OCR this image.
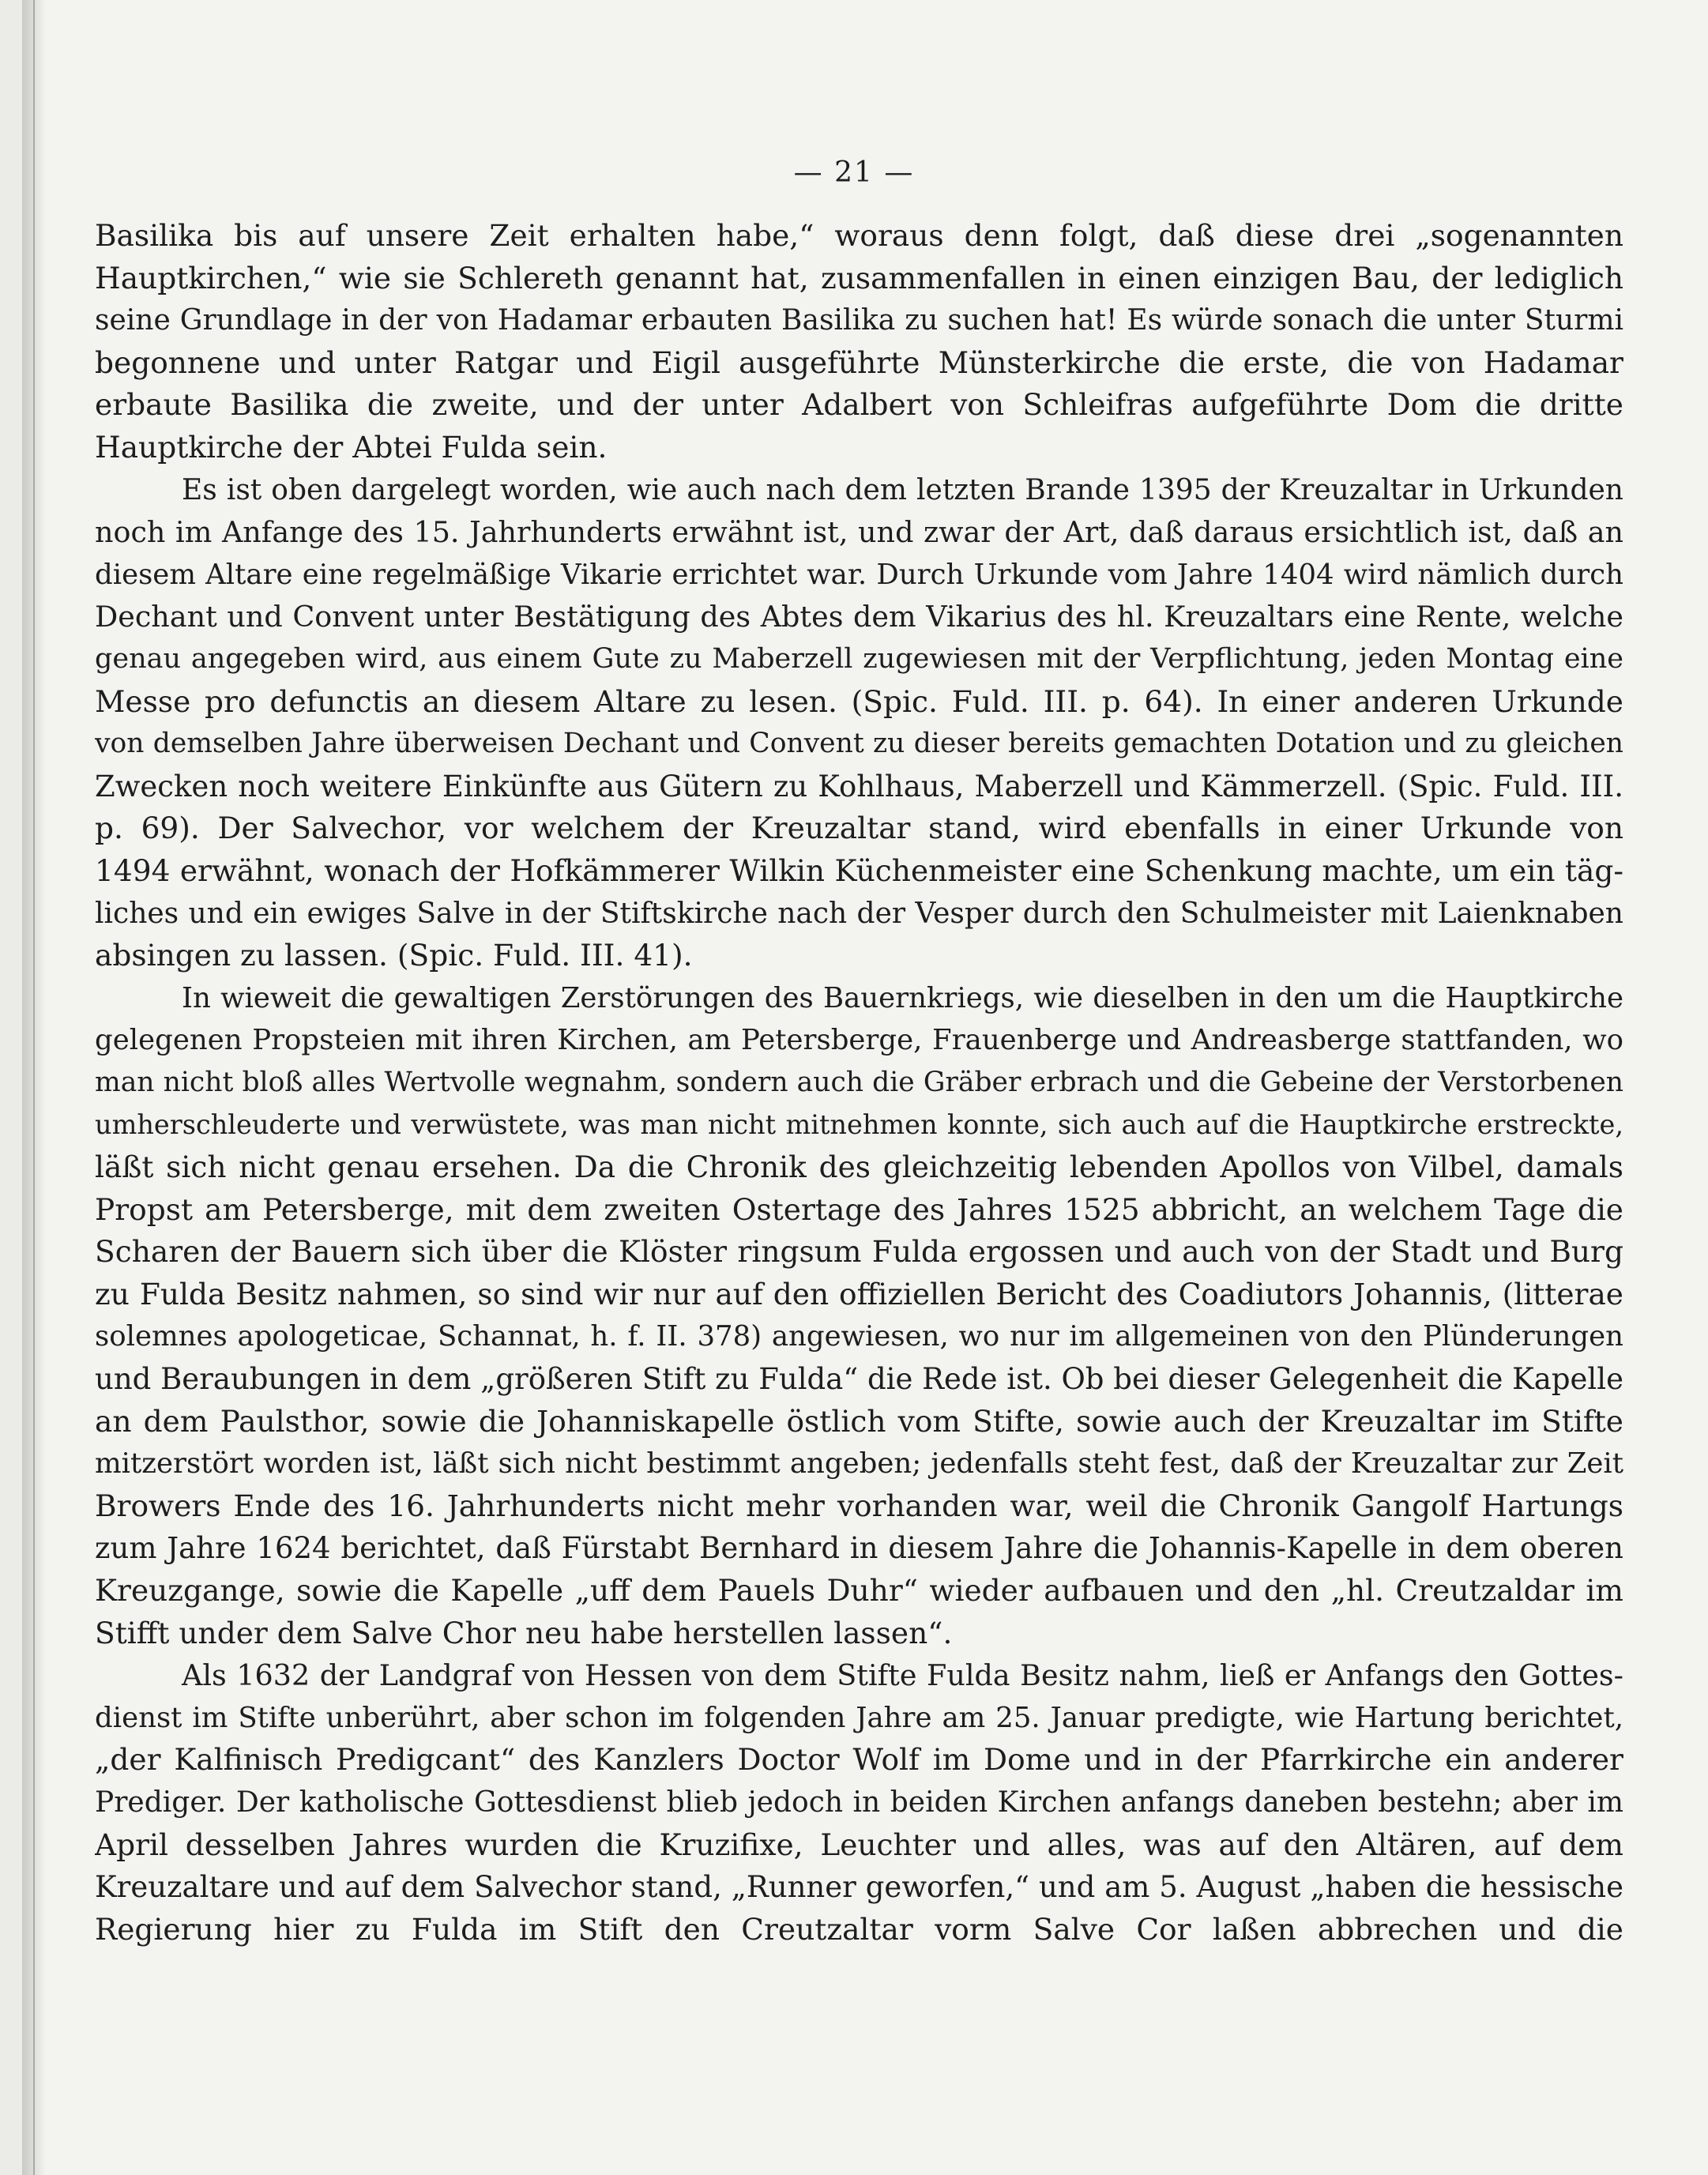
— 21 —
Basilika bis auf unsere Zeit erhalten habe,“ woraus denn folgt, daß diese drei „sogenannten
Hauptkirchen,“ wie sie Schlereth genannt hat, zusammenfallen in einen einzigen Bau, der lediglich
seine Grundlage in der von Hadamar erbauten Basilika zu suchen hat! Es würde sonach die unter Sturmi
begonnene und unter Ratgar und Eigil ausgeführte Münsterkirche die erste, die von Hadamar
erbaute Basilika die zweite, und der unter Adalbert von Schleifras aufgeführte Dom die dritte
Hauptkirche der Abtei Fulda sein.
Es ist oben dargelegt worden, wie auch nach dem letzten Brande 1395 der Kreuzaltar in Urkunden
noch im Anfange des 15. Jahrhunderts erwähnt ist, und zwar der Art, daß daraus ersichtlich ist, daß an
diesem Altare eine regelmäßige Vikarie errichtet war. Durch Urkunde vom Jahre 1404 wird nämlich durch
Dechant und Convent unter Bestätigung des Abtes dem Vikarius des hl. Kreuzaltars eine Rente, welche
genau angegeben wird, aus einem Gute zu Maberzell zugewiesen mit der Verpflichtung, jeden Montag eine
Messe pro defunctis an diesem Altare zu lesen. (Spic. Fuld. III. p. 64). In einer anderen Urkunde
von demselben Jahre überweisen Dechant und Convent zu dieser bereits gemachten Dotation und zu gleichen
Zwecken noch weitere Einkünfte aus Gütern zu Kohlhaus, Maberzell und Kämmerzell. (Spic. Fuld. III.
p. 69). Der Salvechor, vor welchem der Kreuzaltar stand, wird ebenfalls in einer Urkunde von
1494 erwähnt, wonach der Hofkämmerer Wilkin Küchenmeister eine Schenkung machte, um ein täg-
liches und ein ewiges Salve in der Stiftskirche nach der Vesper durch den Schulmeister mit Laienknaben
absingen zu lassen. (Spic. Fuld. III. 41).
In wieweit die gewaltigen Zerstörungen des Bauernkriegs, wie dieselben in den um die Hauptkirche
gelegenen Propsteien mit ihren Kirchen, am Petersberge, Frauenberge und Andreasberge stattfanden, wo
man nicht bloß alles Wertvolle wegnahm, sondern auch die Gräber erbrach und die Gebeine der Verstorbenen
umherschleuderte und verwüstete, was man nicht mitnehmen konnte, sich auch auf die Hauptkirche erstreckte,
läßt sich nicht genau ersehen. Da die Chronik des gleichzeitig lebenden Apollos von Vilbel, damals
Propst am Petersberge, mit dem zweiten Ostertage des Jahres 1525 abbricht, an welchem Tage die
Scharen der Bauern sich über die Klöster ringsum Fulda ergossen und auch von der Stadt und Burg
zu Fulda Besitz nahmen, so sind wir nur auf den offiziellen Bericht des Coadiutors Johannis, (litterae
solemnes apologeticae, Schannat, h. f. II. 378) angewiesen, wo nur im allgemeinen von den Plünderungen
und Beraubungen in dem „größeren Stift zu Fulda“ die Rede ist. Ob bei dieser Gelegenheit die Kapelle
an dem Paulsthor, sowie die Johanniskapelle östlich vom Stifte, sowie auch der Kreuzaltar im Stifte
mitzerstört worden ist, läßt sich nicht bestimmt angeben; jedenfalls steht fest, daß der Kreuzaltar zur Zeit
Browers Ende des 16. Jahrhunderts nicht mehr vorhanden war, weil die Chronik Gangolf Hartungs
zum Jahre 1624 berichtet, daß Fürstabt Bernhard in diesem Jahre die Johannis-Kapelle in dem oberen
Kreuzgange, sowie die Kapelle „uff dem Pauels Duhr“ wieder aufbauen und den „hl. Creutzaldar im
Stifft under dem Salve Chor neu habe herstellen lassen“.
Als 1632 der Landgraf von Hessen von dem Stifte Fulda Besitz nahm, ließ er Anfangs den Gottes-
dienst im Stifte unberührt, aber schon im folgenden Jahre am 25. Januar predigte, wie Hartung berichtet,
„der Kalfinisch Predigcant“ des Kanzlers Doctor Wolf im Dome und in der Pfarrkirche ein anderer
Prediger. Der katholische Gottesdienst blieb jedoch in beiden Kirchen anfangs daneben bestehn; aber im
April desselben Jahres wurden die Kruzifixe, Leuchter und alles, was auf den Altären, auf dem
Kreuzaltare und auf dem Salvechor stand, „Runner geworfen,“ und am 5. August „haben die hessische
Regierung hier zu Fulda im Stift den Creutzaltar vorm Salve Cor laßen abbrechen und die
